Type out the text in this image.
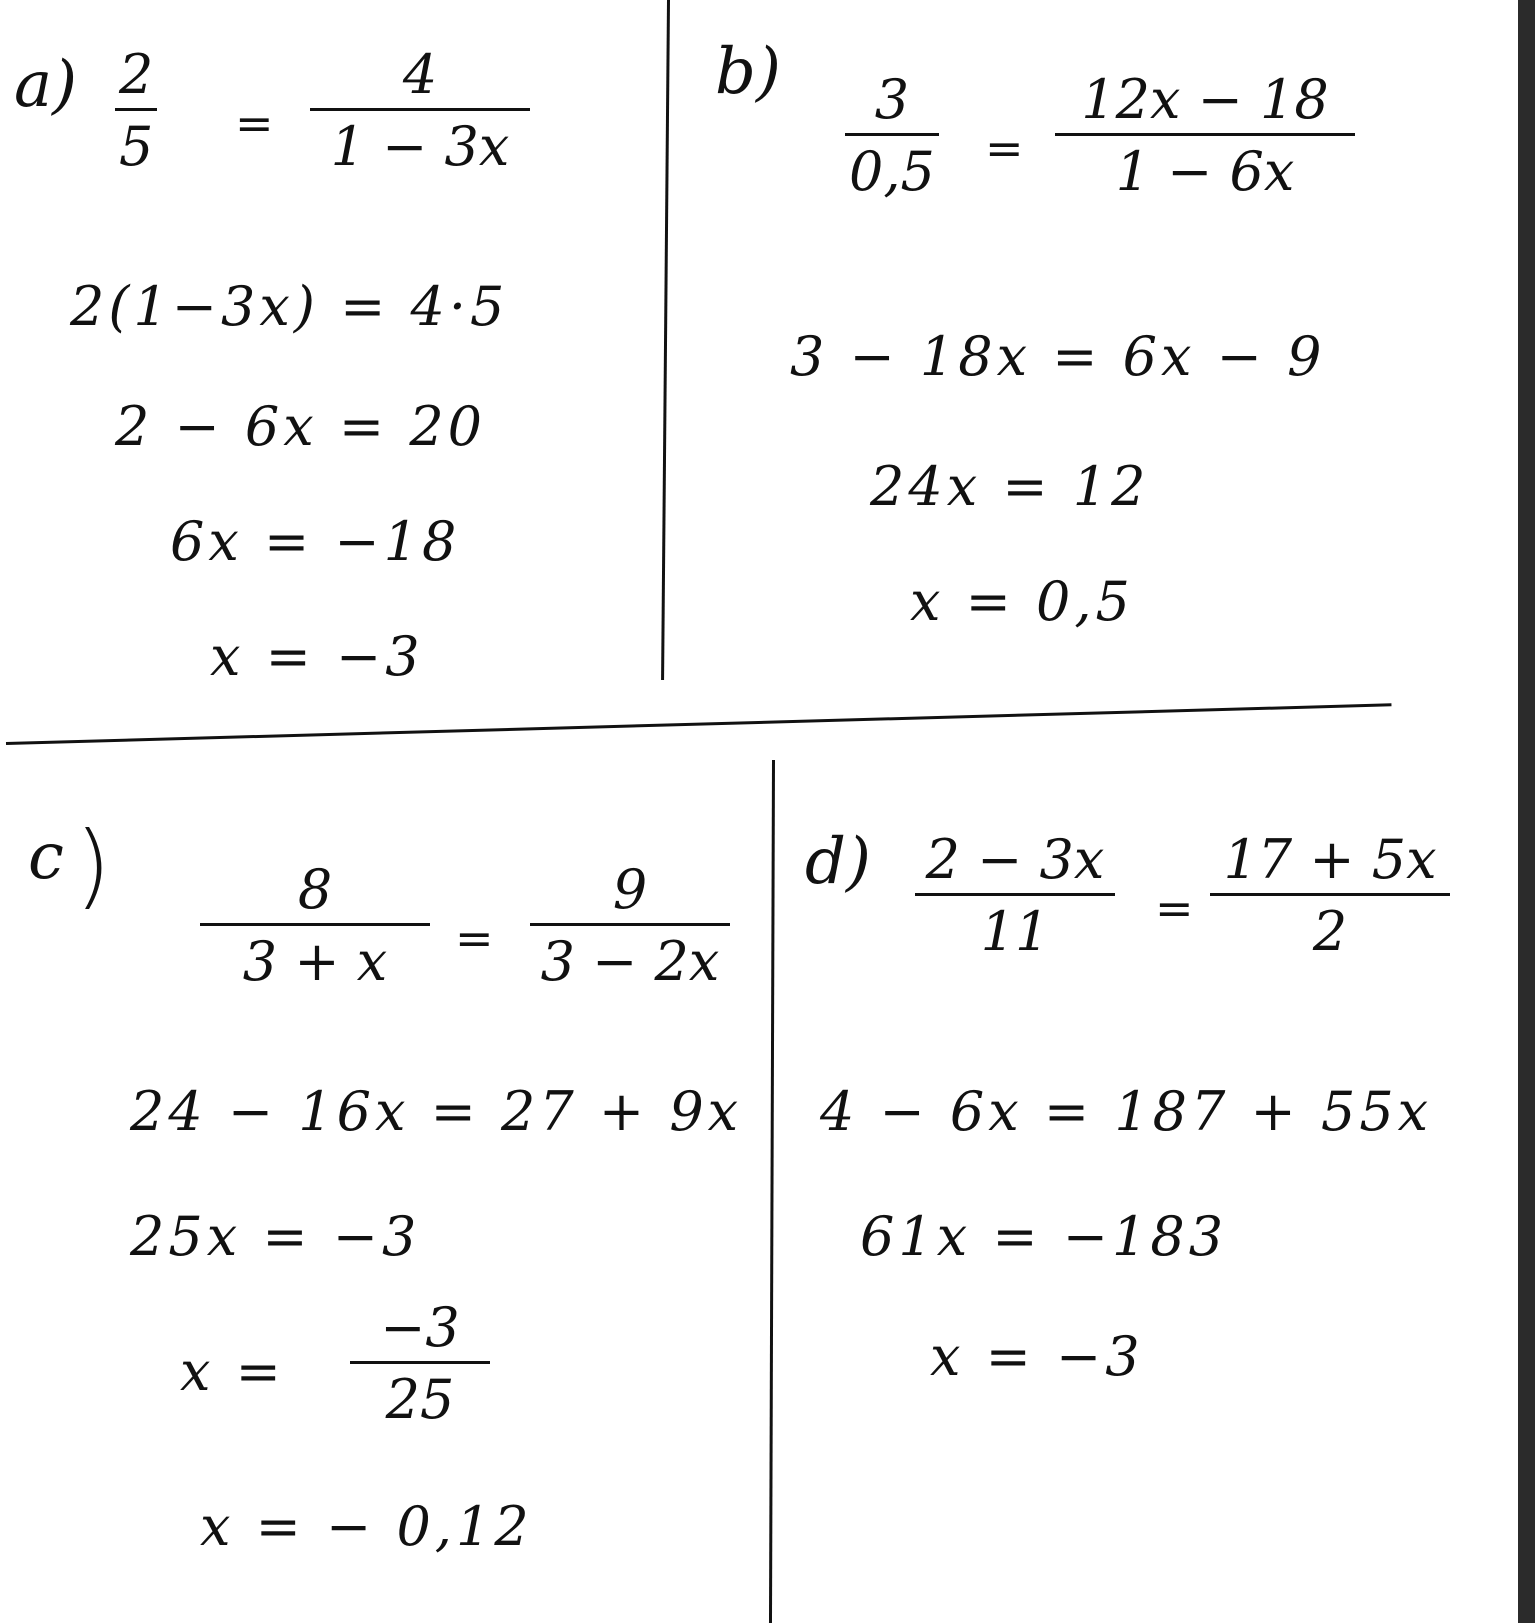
a) 2
5 =
4
1 − 3x
2(1−3x) = 4·5
2 − 6x = 20
6x = −18
x = −3
b) 3
0,5 =
12x − 18
1 − 6x
3 − 18x = 6x − 9
24x = 12
x = 0,5
c )	8
3 + x =
9
3 − 2x
24 − 16x = 27 + 9x
25x = −3
x =
−3
25
x = − 0,12
d) 2 − 3x
11 =
17 + 5x
2
4 − 6x = 187 + 55x
61x = −183
x = −3
